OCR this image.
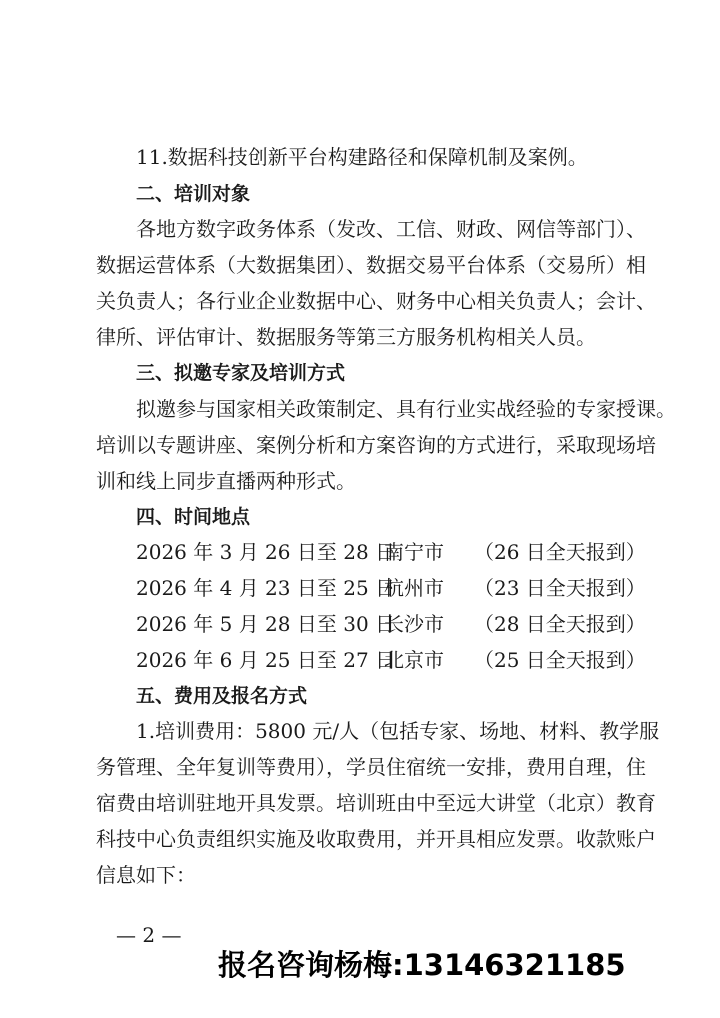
11.数据科技创新平台构建路径和保障机制及案例。
二、培训对象
各地方数字政务体系（发改、工信、财政、网信等部门）、
数据运营体系（大数据集团）、数据交易平台体系（交易所）相
关负责人；各行业企业数据中心、财务中心相关负责人；会计、
律所、评估审计、数据服务等第三方服务机构相关人员。
三、拟邀专家及培训方式
拟邀参与国家相关政策制定、具有行业实战经验的专家授课。
培训以专题讲座、案例分析和方案咨询的方式进行，采取现场培
训和线上同步直播两种形式。
四、时间地点
2026 年 3 月 26 日至 28 日
南宁市 （26 日全天报到）
2026 年 4 月 23 日至 25 日
杭州市 （23 日全天报到）
2026 年 5 月 28 日至 30 日
长沙市 （28 日全天报到）
2026 年 6 月 25 日至 27 日
北京市 （25 日全天报到）
五、费用及报名方式
1.培训费用：5800 元/人（包括专家、场地、材料、教学服
务管理、全年复训等费用），学员住宿统一安排，费用自理，住
宿费由培训驻地开具发票。培训班由中至远大讲堂（北京）教育
科技中心负责组织实施及收取费用，并开具相应发票。收款账户
信息如下：
— 2 —
报名咨询杨梅:13146321185
